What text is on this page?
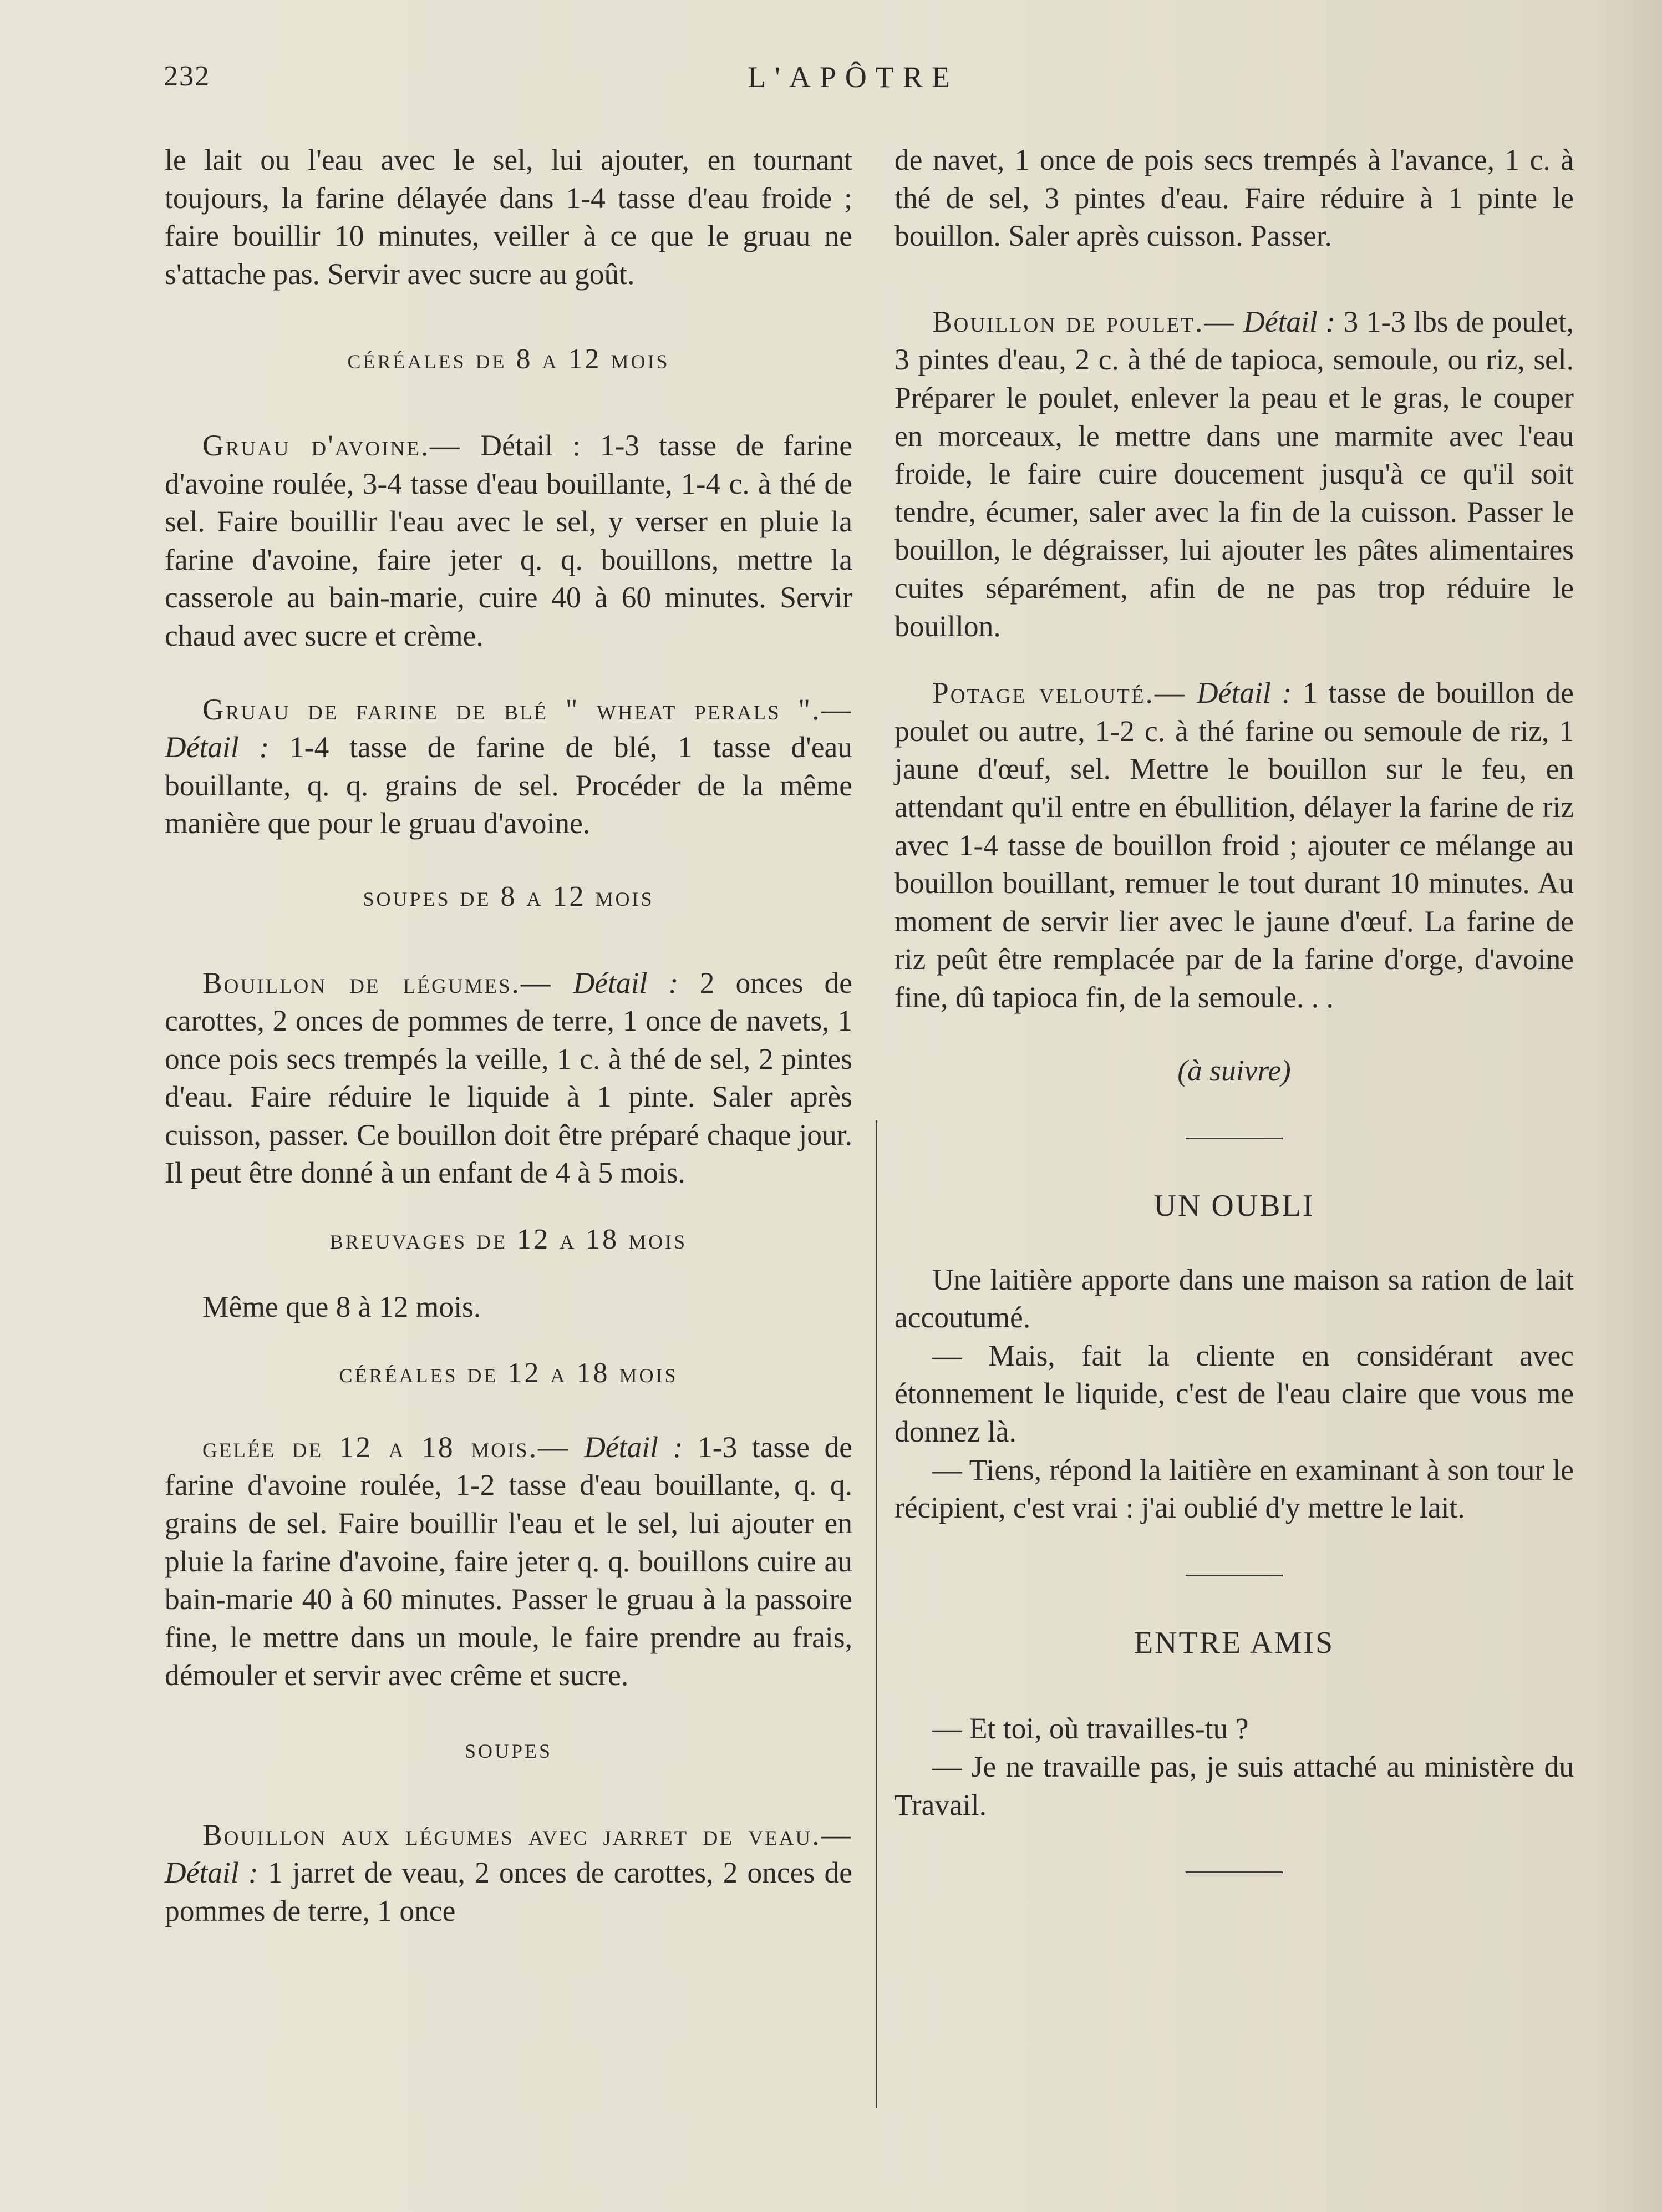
232	L'APÔTRE

le lait ou l'eau avec le sel, lui ajouter, en tournant toujours, la farine délayée dans 1-4 tasse d'eau froide ; faire bouillir 10 minutes, veiller à ce que le gruau ne s'attache pas. Servir avec sucre au goût.

céréales de 8 a 12 mois

Gruau d'avoine.— Détail : 1-3 tasse de farine d'avoine roulée, 3-4 tasse d'eau bouillante, 1-4 c. à thé de sel. Faire bouillir l'eau avec le sel, y verser en pluie la farine d'avoine, faire jeter q. q. bouillons, mettre la casserole au bain-marie, cuire 40 à 60 minutes. Servir chaud avec sucre et crème.

Gruau de farine de blé " wheat perals ".— Détail : 1-4 tasse de farine de blé, 1 tasse d'eau bouillante, q. q. grains de sel. Procéder de la même manière que pour le gruau d'avoine.

soupes de 8 a 12 mois

Bouillon de légumes.— Détail : 2 onces de carottes, 2 onces de pommes de terre, 1 once de navets, 1 once pois secs trempés la veille, 1 c. à thé de sel, 2 pintes d'eau. Faire réduire le liquide à 1 pinte. Saler après cuisson, passer. Ce bouillon doit être préparé chaque jour. Il peut être donné à un enfant de 4 à 5 mois.

breuvages de 12 a 18 mois

Même que 8 à 12 mois.

céréales de 12 a 18 mois

gelée de 12 a 18 mois.— Détail : 1-3 tasse de farine d'avoine roulée, 1-2 tasse d'eau bouillante, q. q. grains de sel. Faire bouillir l'eau et le sel, lui ajouter en pluie la farine d'avoine, faire jeter q. q. bouillons cuire au bain-marie 40 à 60 minutes. Passer le gruau à la passoire fine, le mettre dans un moule, le faire prendre au frais, démouler et servir avec crême et sucre.

soupes

Bouillon aux légumes avec jarret de veau.— Détail : 1 jarret de veau, 2 onces de carottes, 2 onces de pommes de terre, 1 once

de navet, 1 once de pois secs trempés à l'avance, 1 c. à thé de sel, 3 pintes d'eau. Faire réduire à 1 pinte le bouillon. Saler après cuisson. Passer.

Bouillon de poulet.— Détail : 3 1-3 lbs de poulet, 3 pintes d'eau, 2 c. à thé de tapioca, semoule, ou riz, sel. Préparer le poulet, enlever la peau et le gras, le couper en morceaux, le mettre dans une marmite avec l'eau froide, le faire cuire doucement jusqu'à ce qu'il soit tendre, écumer, saler avec la fin de la cuisson. Passer le bouillon, le dégraisser, lui ajouter les pâtes alimentaires cuites séparément, afin de ne pas trop réduire le bouillon.

Potage velouté.— Détail : 1 tasse de bouillon de poulet ou autre, 1-2 c. à thé farine ou semoule de riz, 1 jaune d'œuf, sel. Mettre le bouillon sur le feu, en attendant qu'il entre en ébullition, délayer la farine de riz avec 1-4 tasse de bouillon froid ; ajouter ce mélange au bouillon bouillant, remuer le tout durant 10 minutes. Au moment de servir lier avec le jaune d'œuf. La farine de riz peût être remplacée par de la farine d'orge, d'avoine fine, dû tapioca fin, de la semoule. . .

(à suivre)

UN OUBLI

Une laitière apporte dans une maison sa ration de lait accoutumé.

— Mais, fait la cliente en considérant avec étonnement le liquide, c'est de l'eau claire que vous me donnez là.

— Tiens, répond la laitière en examinant à son tour le récipient, c'est vrai : j'ai oublié d'y mettre le lait.

ENTRE AMIS

— Et toi, où travailles-tu ?

— Je ne travaille pas, je suis attaché au ministère du Travail.
